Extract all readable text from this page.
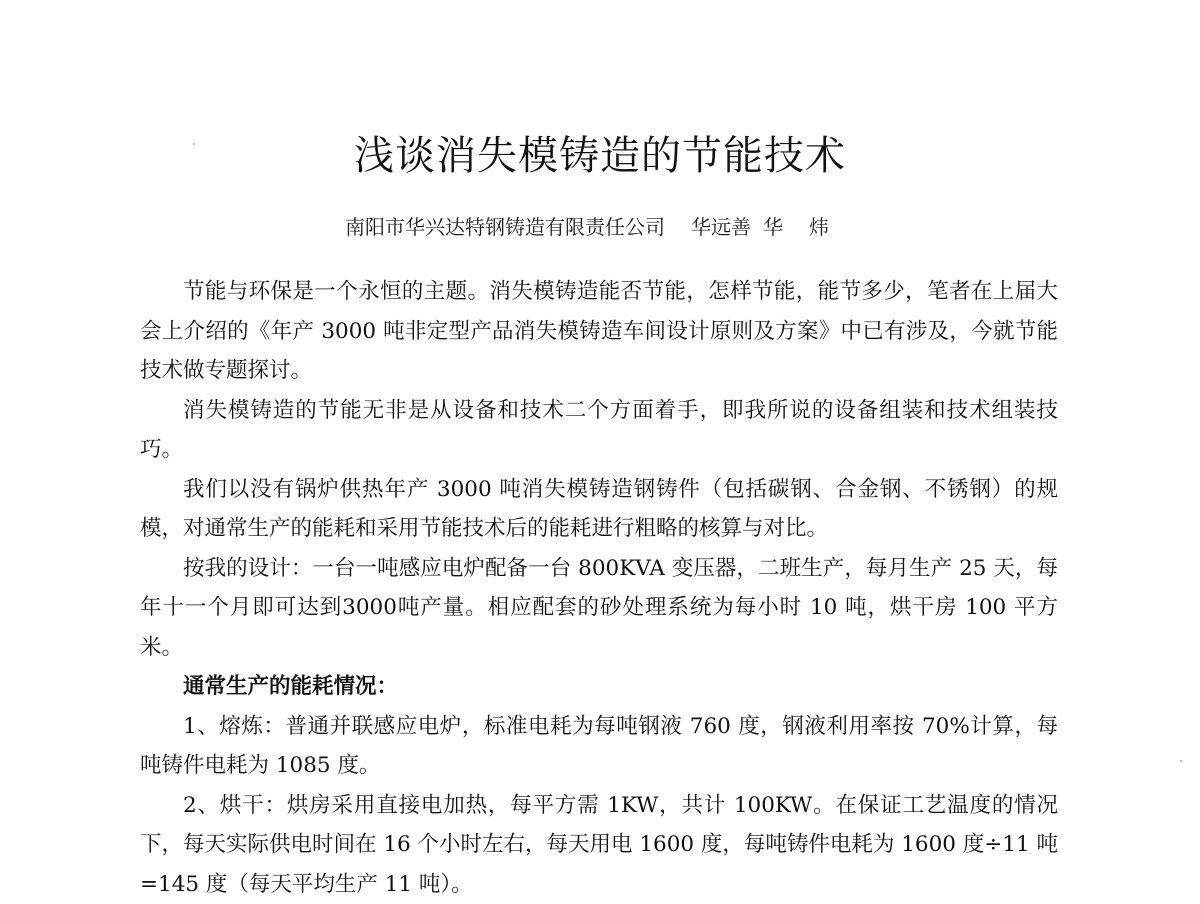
浅谈消失模铸造的节能技术
南阳市华兴达特钢铸造有限责任公司 华远善 华炜

节能与环保是一个永恒的主题。消失模铸造能否节能，怎样节能，能节多少，笔者在上届大会上介绍的《年产 3000 吨非定型产品消失模铸造车间设计原则及方案》中已有涉及，今就节能技术做专题探讨。

消失模铸造的节能无非是从设备和技术二个方面着手，即我所说的设备组装和技术组装技巧。

我们以没有锅炉供热年产 3000 吨消失模铸造钢铸件（包括碳钢、合金钢、不锈钢）的规模，对通常生产的能耗和采用节能技术后的能耗进行粗略的核算与对比。

按我的设计：一台一吨感应电炉配备一台 800KVA 变压器，二班生产，每月生产 25 天，每年十一个月即可达到3000吨产量。相应配套的砂处理系统为每小时 10 吨，烘干房 100 平方米。

通常生产的能耗情况：

1、熔炼：普通并联感应电炉，标准电耗为每吨钢液 760 度，钢液利用率按 70%计算，每吨铸件电耗为 1085 度。

2、烘干：烘房采用直接电加热，每平方需 1KW，共计 100KW。在保证工艺温度的情况下，每天实际供电时间在 16 个小时左右，每天用电 1600 度，每吨铸件电耗为 1600 度÷11 吨=145 度（每天平均生产 11 吨）。
